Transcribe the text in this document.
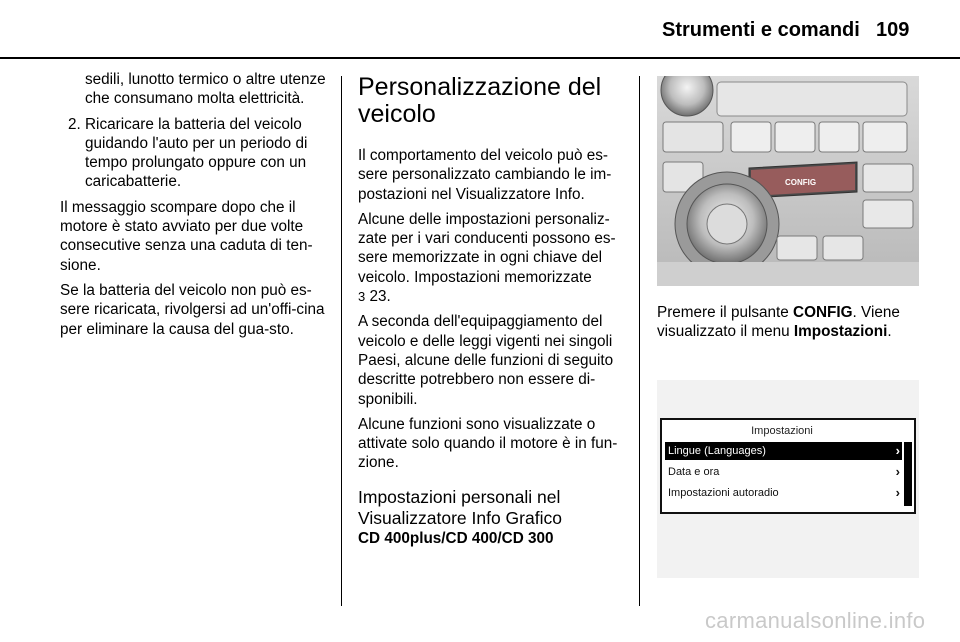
Strumenti e comandi 109
sedili, lunotto termico o altre utenze che consumano molta elettricità.
2. Ricaricare la batteria del veicolo guidando l'auto per un periodo di tempo prolungato oppure con un caricabatterie.
Il messaggio scompare dopo che il motore è stato avviato per due volte consecutive senza una caduta di ten-sione.
Se la batteria del veicolo non può es-sere ricaricata, rivolgersi ad un'offi-cina per eliminare la causa del gua-sto.
Personalizzazione del veicolo
Il comportamento del veicolo può es-sere personalizzato cambiando le im-postazioni nel Visualizzatore Info.
Alcune delle impostazioni personaliz-zate per i vari conducenti possono es-sere memorizzate in ogni chiave del veicolo. Impostazioni memorizzate
3 23.
A seconda dell'equipaggiamento del veicolo e delle leggi vigenti nei singoli Paesi, alcune delle funzioni di seguito descritte potrebbero non essere di-sponibili.
Alcune funzioni sono visualizzate o attivate solo quando il motore è in fun-zione.
Impostazioni personali nel Visualizzatore Info Grafico
CD 400plus/CD 400/CD 300
CONFIG
Premere il pulsante CONFIG. Viene visualizzato il menu Impostazioni.
Impostazioni
Lingue (Languages)	›
Data e ora	›
Impostazioni autoradio	›
carmanualsonline.info
